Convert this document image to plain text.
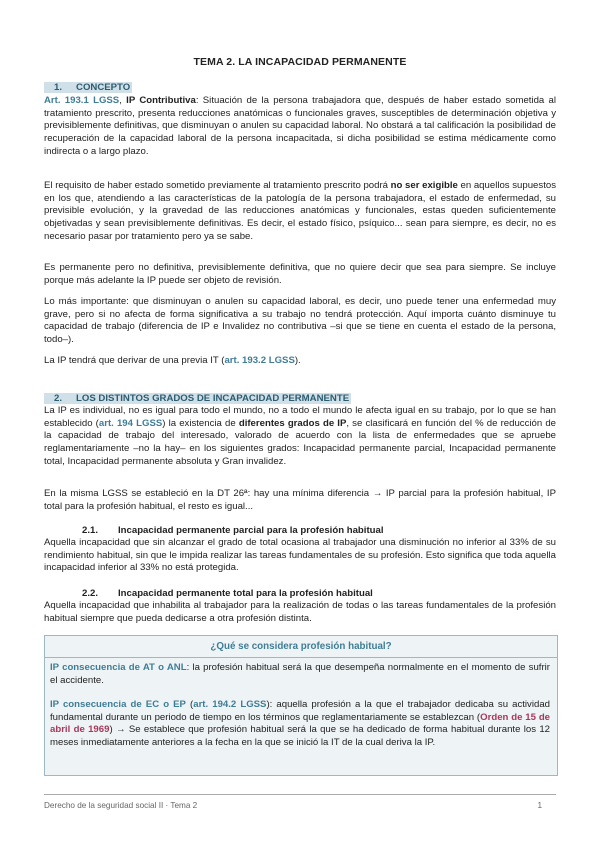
TEMA 2. LA INCAPACIDAD PERMANENTE
1. CONCEPTO

Art. 193.1 LGSS, IP Contributiva: Situación de la persona trabajadora que, después de haber estado sometida al tratamiento prescrito, presenta reducciones anatómicas o funcionales graves, susceptibles de determinación objetiva y previsiblemente definitivas, que disminuyan o anulen su capacidad laboral. No obstará a tal calificación la posibilidad de recuperación de la capacidad laboral de la persona incapacitada, si dicha posibilidad se estima médicamente como indirecta o a largo plazo.

El requisito de haber estado sometido previamente al tratamiento prescrito podrá no ser exigible en aquellos supuestos en los que, atendiendo a las características de la patología de la persona trabajadora, el estado de enfermedad, su previsible evolución, y la gravedad de las reducciones anatómicas y funcionales, estas queden suficientemente objetivadas y sean previsiblemente definitivas. Es decir, el estado físico, psíquico... sean para siempre, es decir, no es necesario pasar por tratamiento pero ya se sabe.

Es permanente pero no definitiva, previsiblemente definitiva, que no quiere decir que sea para siempre. Se incluye porque más adelante la IP puede ser objeto de revisión.

Lo más importante: que disminuyan o anulen su capacidad laboral, es decir, uno puede tener una enfermedad muy grave, pero si no afecta de forma significativa a su trabajo no tendrá protección. Aquí importa cuánto disminuye tu capacidad de trabajo (diferencia de IP e Invalidez no contributiva –si que se tiene en cuenta el estado de la persona, todo–).

La IP tendrá que derivar de una previa IT (art. 193.2 LGSS).

2. LOS DISTINTOS GRADOS DE INCAPACIDAD PERMANENTE

La IP es individual, no es igual para todo el mundo, no a todo el mundo le afecta igual en su trabajo, por lo que se han establecido (art. 194 LGSS) la existencia de diferentes grados de IP, se clasificará en función del % de reducción de la capacidad de trabajo del interesado, valorado de acuerdo con la lista de enfermedades que se apruebe reglamentariamente –no la hay– en los siguientes grados: Incapacidad permanente parcial, Incapacidad permanente total, Incapacidad permanente absoluta y Gran invalidez.

En la misma LGSS se estableció en la DT 26ª: hay una mínima diferencia → IP parcial para la profesión habitual, IP total para la profesión habitual, el resto es igual...

2.1. Incapacidad permanente parcial para la profesión habitual

Aquella incapacidad que sin alcanzar el grado de total ocasiona al trabajador una disminución no inferior al 33% de su rendimiento habitual, sin que le impida realizar las tareas fundamentales de su profesión. Esto significa que toda aquella incapacidad inferior al 33% no está protegida.

2.2. Incapacidad permanente total para la profesión habitual

Aquella incapacidad que inhabilita al trabajador para la realización de todas o las tareas fundamentales de la profesión habitual siempre que pueda dedicarse a otra profesión distinta.

¿Qué se considera profesión habitual?

IP consecuencia de AT o ANL: la profesión habitual será la que desempeña normalmente en el momento de sufrir el accidente.

IP consecuencia de EC o EP (art. 194.2 LGSS): aquella profesión a la que el trabajador dedicaba su actividad fundamental durante un periodo de tiempo en los términos que reglamentariamente se establezcan (Orden de 15 de abril de 1969) → Se establece que profesión habitual será la que se ha dedicado de forma habitual durante los 12 meses inmediatamente anteriores a la fecha en la que se inició la IT de la cual deriva la IP.

Derecho de la seguridad social II · Tema 2	1
